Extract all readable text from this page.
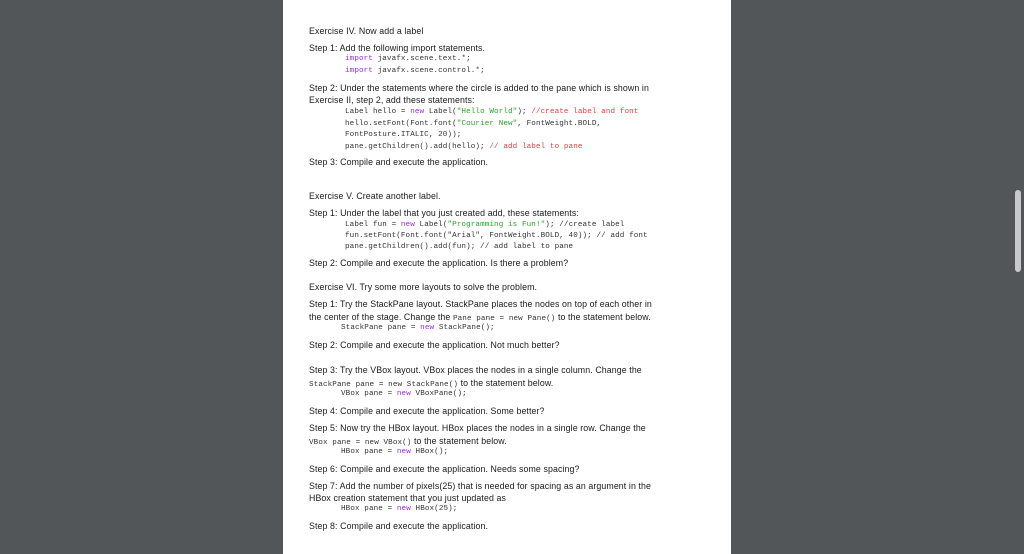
Exercise IV. Now add a label
Step 1: Add the following import statements.
import javafx.scene.text.*;
import javafx.scene.control.*;
Step 2: Under the statements where the circle is added to the pane which is shown in
Exercise II, step 2, add these statements:
Label hello = new Label("Hello World"); //create label and font
hello.setFont(Font.font("Courier New", FontWeight.BOLD,
FontPosture.ITALIC, 20));
pane.getChildren().add(hello); // add label to pane
Step 3: Compile and execute the application.
Exercise V. Create another label.
Step 1: Under the label that you just created add, these statements:
Label fun = new Label("Programming is Fun!"); //create label
fun.setFont(Font.font("Arial", FontWeight.BOLD, 40)); // add font
pane.getChildren().add(fun); // add label to pane
Step 2: Compile and execute the application. Is there a problem?
Exercise VI. Try some more layouts to solve the problem.
Step 1: Try the StackPane layout. StackPane places the nodes on top of each other in
the center of the stage. Change the Pane pane = new Pane() to the statement below.
StackPane pane = new StackPane();
Step 2: Compile and execute the application. Not much better?
Step 3: Try the VBox layout. VBox places the nodes in a single column. Change the
StackPane pane = new StackPane() to the statement below.
VBox pane = new VBoxPane();
Step 4: Compile and execute the application. Some better?
Step 5: Now try the HBox layout. HBox places the nodes in a single row. Change the
VBox pane = new VBox() to the statement below.
HBox pane = new HBox();
Step 6: Compile and execute the application. Needs some spacing?
Step 7: Add the number of pixels(25) that is needed for spacing as an argument in the
HBox creation statement that you just updated as
HBox pane = new HBox(25);
Step 8: Compile and execute the application.
